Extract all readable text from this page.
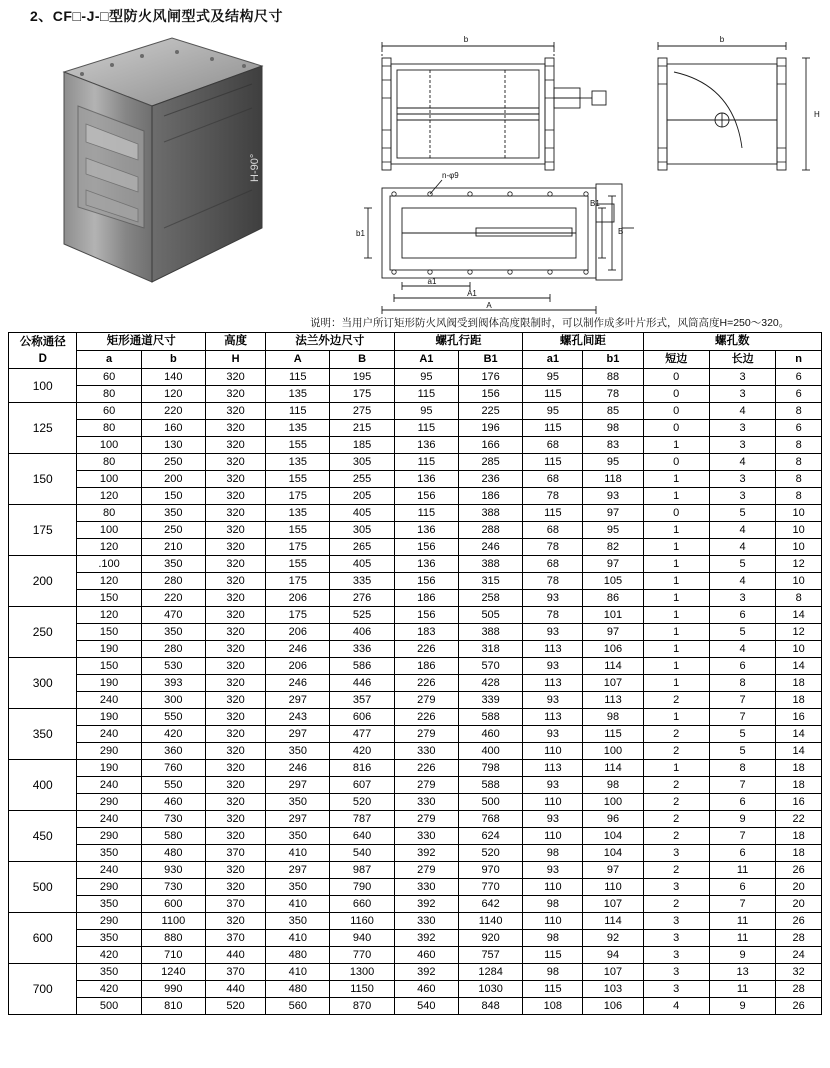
2、CF□-J-□型防火风闸型式及结构尺寸
H-90°
b	b
H
n-φ9
b1	B
B1
a1
A1
A
说明：当用户所订矩形防火风阀受到阀体高度限制时，可以制作成多叶片形式，风筒高度H=250～320。
公称通径
D	矩形通道尺寸		高度	法兰外边尺寸		螺孔行距		螺孔间距		螺孔数		
	a	b	H	A	B	A1	B1	a1	b1	短边	长边	n
100	60	140	320	115	195	95	176	95	88	0	3	6
	80	120	320	135	175	115	156	115	78	0	3	6
125	60	220	320	115	275	95	225	95	85	0	4	8
	80	160	320	135	215	115	196	115	98	0	3	6
	100	130	320	155	185	136	166	68	83	1	3	8
150	80	250	320	135	305	115	285	115	95	0	4	8
	100	200	320	155	255	136	236	68	118	1	3	8
	120	150	320	175	205	156	186	78	93	1	3	8
175	80	350	320	135	405	115	388	115	97	0	5	10
	100	250	320	155	305	136	288	68	95	1	4	10
	120	210	320	175	265	156	246	78	82	1	4	10
200	.100	350	320	155	405	136	388	68	97	1	5	12
	120	280	320	175	335	156	315	78	105	1	4	10
	150	220	320	206	276	186	258	93	86	1	3	8
250	120	470	320	175	525	156	505	78	101	1	6	14
	150	350	320	206	406	183	388	93	97	1	5	12
	190	280	320	246	336	226	318	113	106	1	4	10
300	150	530	320	206	586	186	570	93	114	1	6	14
	190	393	320	246	446	226	428	113	107	1	8	18
	240	300	320	297	357	279	339	93	113	2	7	18
350	190	550	320	243	606	226	588	113	98	1	7	16
	240	420	320	297	477	279	460	93	115	2	5	14
	290	360	320	350	420	330	400	110	100	2	5	14
400	190	760	320	246	816	226	798	113	114	1	8	18
	240	550	320	297	607	279	588	93	98	2	7	18
	290	460	320	350	520	330	500	110	100	2	6	16
450	240	730	320	297	787	279	768	93	96	2	9	22
	290	580	320	350	640	330	624	110	104	2	7	18
	350	480	370	410	540	392	520	98	104	3	6	18
500	240	930	320	297	987	279	970	93	97	2	11	26
	290	730	320	350	790	330	770	110	110	3	6	20
	350	600	370	410	660	392	642	98	107	2	7	20
600	290	1100	320	350	1160	330	1140	110	114	3	11	26
	350	880	370	410	940	392	920	98	92	3	11	28
	420	710	440	480	770	460	757	115	94	3	9	24
700	350	1240	370	410	1300	392	1284	98	107	3	13	32
	420	990	440	480	1150	460	1030	115	103	3	11	28
	500	810	520	560	870	540	848	108	106	4	9	26
